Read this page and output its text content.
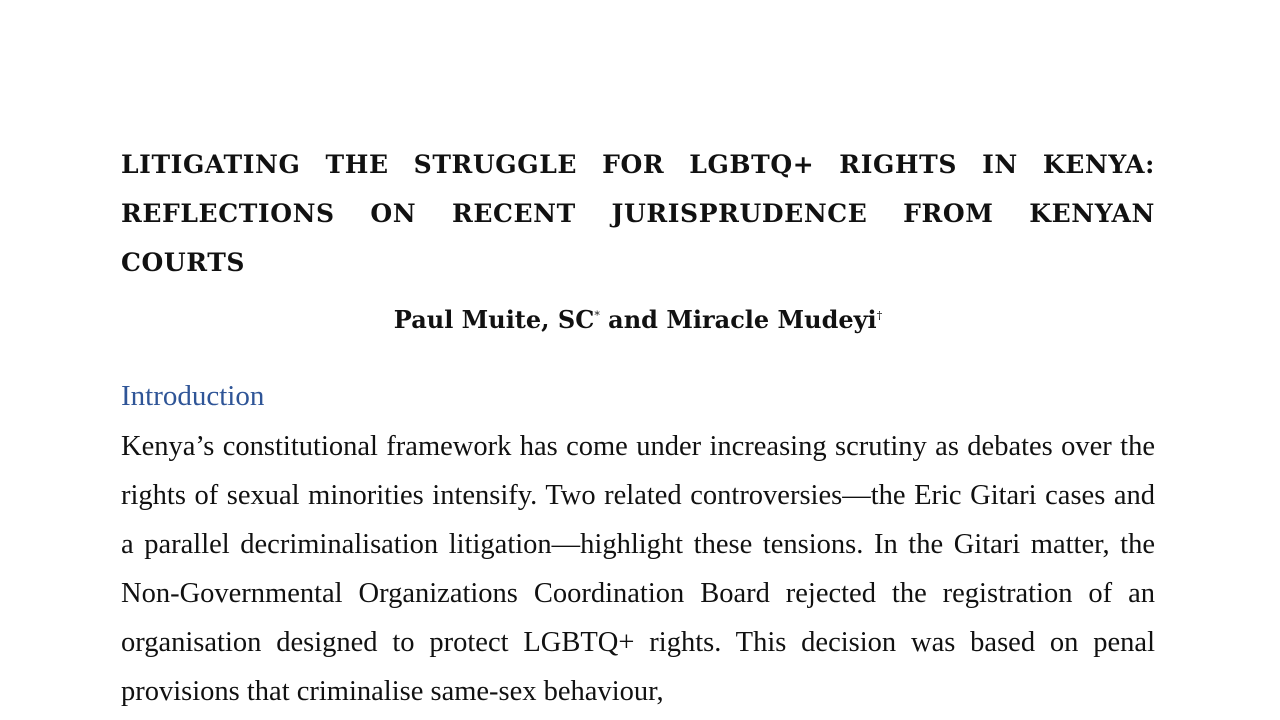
LITIGATING THE STRUGGLE FOR LGBTQ+ RIGHTS IN KENYA: REFLECTIONS ON RECENT JURISPRUDENCE FROM KENYAN COURTS

Paul Muite, SC* and Miracle Mudeyi†

Introduction

Kenya’s constitutional framework has come under increasing scrutiny as debates over the rights of sexual minorities intensify. Two related controversies—the Eric Gitari cases and a parallel decriminalisation litigation—highlight these tensions. In the Gitari matter, the Non-Governmental Organizations Coordination Board rejected the registration of an organisation designed to protect LGBTQ+ rights. This decision was based on penal provisions that criminalise same-sex behaviour,
